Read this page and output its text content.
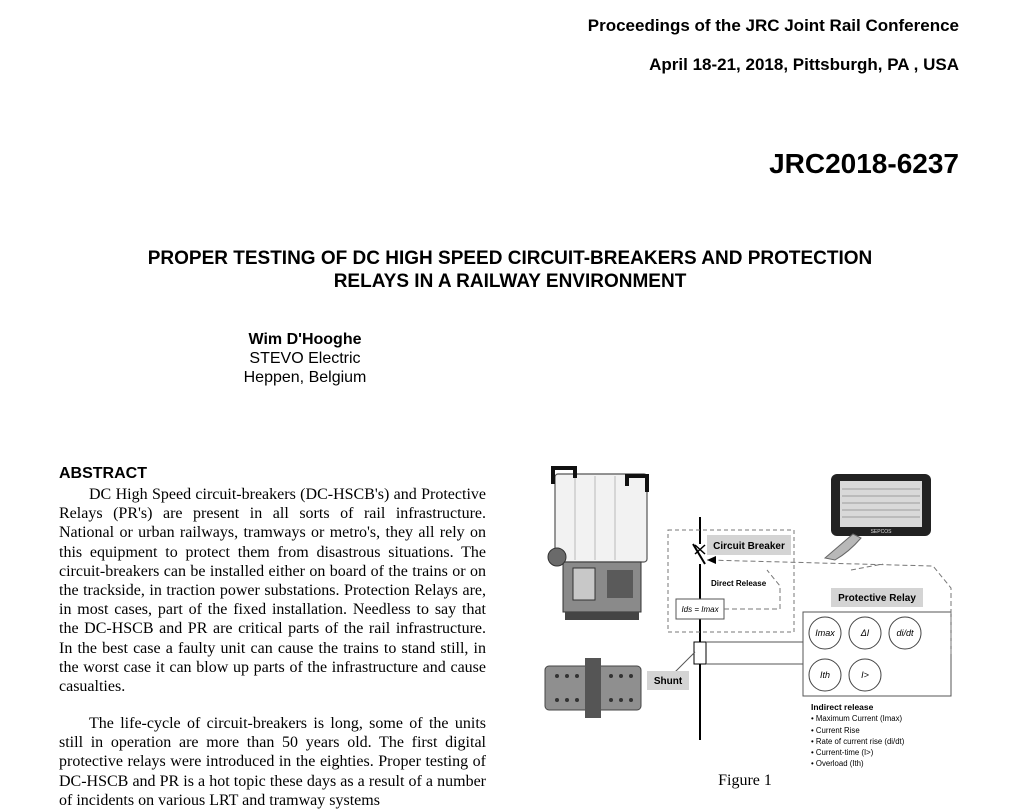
Proceedings of the JRC Joint Rail Conference
April 18-21, 2018, Pittsburgh, PA , USA
JRC2018-6237
PROPER TESTING OF DC HIGH SPEED CIRCUIT-BREAKERS AND PROTECTION
RELAYS IN A RAILWAY ENVIRONMENT
Wim D'Hooghe
STEVO Electric
Heppen, Belgium
ABSTRACT
DC High Speed circuit-breakers (DC-HSCB's) and Protective Relays (PR's) are present in all sorts of rail infrastructure. National or urban railways, tramways or metro's, they all rely on this equipment to protect them from disastrous situations. The circuit-breakers can be installed either on board of the trains or on the trackside, in traction power substations. Protection Relays are, in most cases, part of the fixed installation. Needless to say that the DC-HSCB and PR are critical parts of the rail infrastructure. In the best case a faulty unit can cause the trains to stand still, in the worst case it can blow up parts of the infrastructure and cause casualties.
The life-cycle of circuit-breakers is long, some of the units still in operation are more than 50 years old. The first digital protective relays were introduced in the eighties. Proper testing of DC-HSCB and PR is a hot topic these days as a result of a number of incidents on various LRT and tramway systems
SEPCOS
Circuit Breaker
Direct Release
Ids = Imax
Shunt
Protective Relay
Imax	ΔI	di/dt
Ith	I>
Indirect release
• Maximum Current (Imax)
• Current Rise
• Rate of current rise (di/dt)
• Current-time (I>)
• Overload (Ith)
Figure 1
